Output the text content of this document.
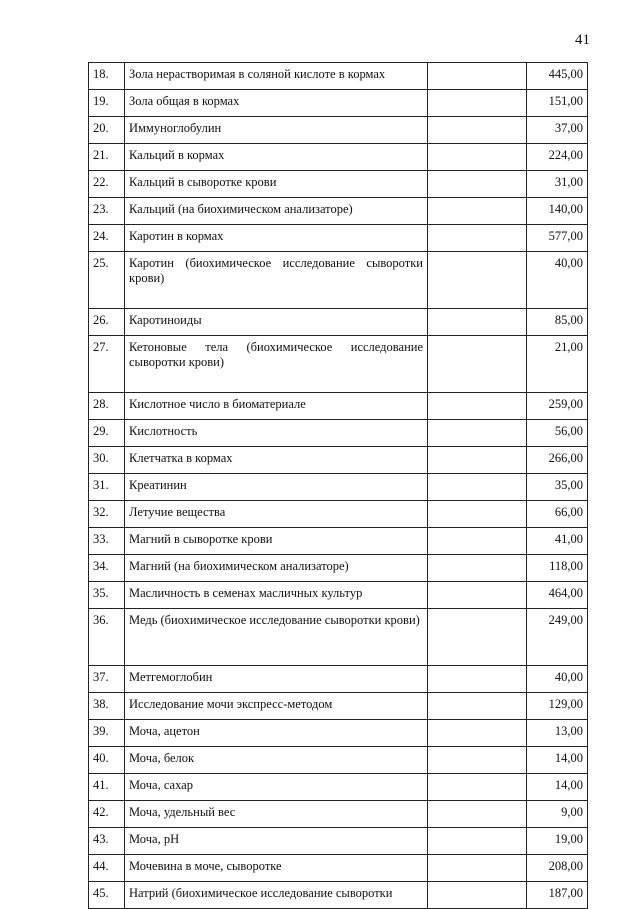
41
18.	Зола нерастворимая в соляной кислоте в кормах		445,00
19.	Зола общая в кормах		151,00
20.	Иммуноглобулин		37,00
21.	Кальций в кормах		224,00
22.	Кальций в сыворотке крови		31,00
23.	Кальций (на биохимическом анализаторе)		140,00
24.	Каротин в кормах		577,00
25.	Каротин (биохимическое исследование сыворотки крови)		40,00
26.	Каротиноиды		85,00
27.	Кетоновые тела (биохимическое исследование сыворотки крови)		21,00
28.	Кислотное число в биоматериале		259,00
29.	Кислотность		56,00
30.	Клетчатка в кормах		266,00
31.	Креатинин		35,00
32.	Летучие вещества		66,00
33.	Магний в сыворотке крови		41,00
34.	Магний (на биохимическом анализаторе)		118,00
35.	Масличность в семенах масличных культур		464,00
36.	Медь (биохимическое исследование сыворотки крови)		249,00
37.	Метгемоглобин		40,00
38.	Исследование мочи экспресс-методом		129,00
39.	Моча, ацетон		13,00
40.	Моча, белок		14,00
41.	Моча, сахар		14,00
42.	Моча, удельный вес		9,00
43.	Моча, pH		19,00
44.	Мочевина в моче, сыворотке		208,00
45.	Натрий (биохимическое исследование сыворотки		187,00
